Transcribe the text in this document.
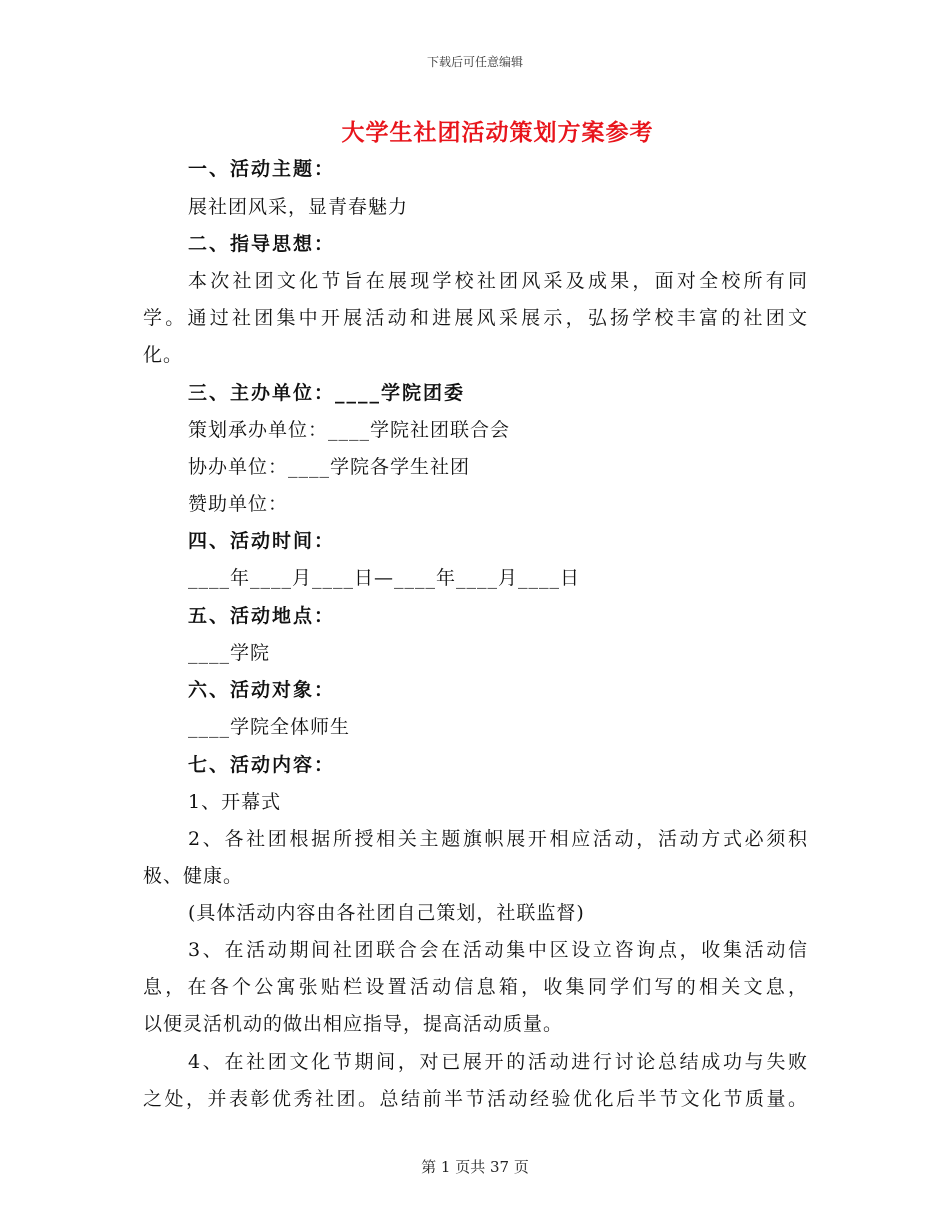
下载后可任意编辑
大学生社团活动策划方案参考
一、活动主题：
展社团风采，显青春魅力
二、指导思想：
本次社团文化节旨在展现学校社团风采及成果，面对全校所有同
学。通过社团集中开展活动和进展风采展示，弘扬学校丰富的社团文
化。
三、主办单位：____学院团委
策划承办单位：____学院社团联合会
协办单位：____学院各学生社团
赞助单位：
四、活动时间：
____年____月____日—____年____月____日
五、活动地点：
____学院
六、活动对象：
____学院全体师生
七、活动内容：
1、开幕式
2、各社团根据所授相关主题旗帜展开相应活动，活动方式必须积
极、健康。
(具体活动内容由各社团自己策划，社联监督)
3、在活动期间社团联合会在活动集中区设立咨询点，收集活动信
息，在各个公寓张贴栏设置活动信息箱，收集同学们写的相关文息，
以便灵活机动的做出相应指导，提高活动质量。
4、在社团文化节期间，对已展开的活动进行讨论总结成功与失败
之处，并表彰优秀社团。总结前半节活动经验优化后半节文化节质量。
第 1 页共 37 页
